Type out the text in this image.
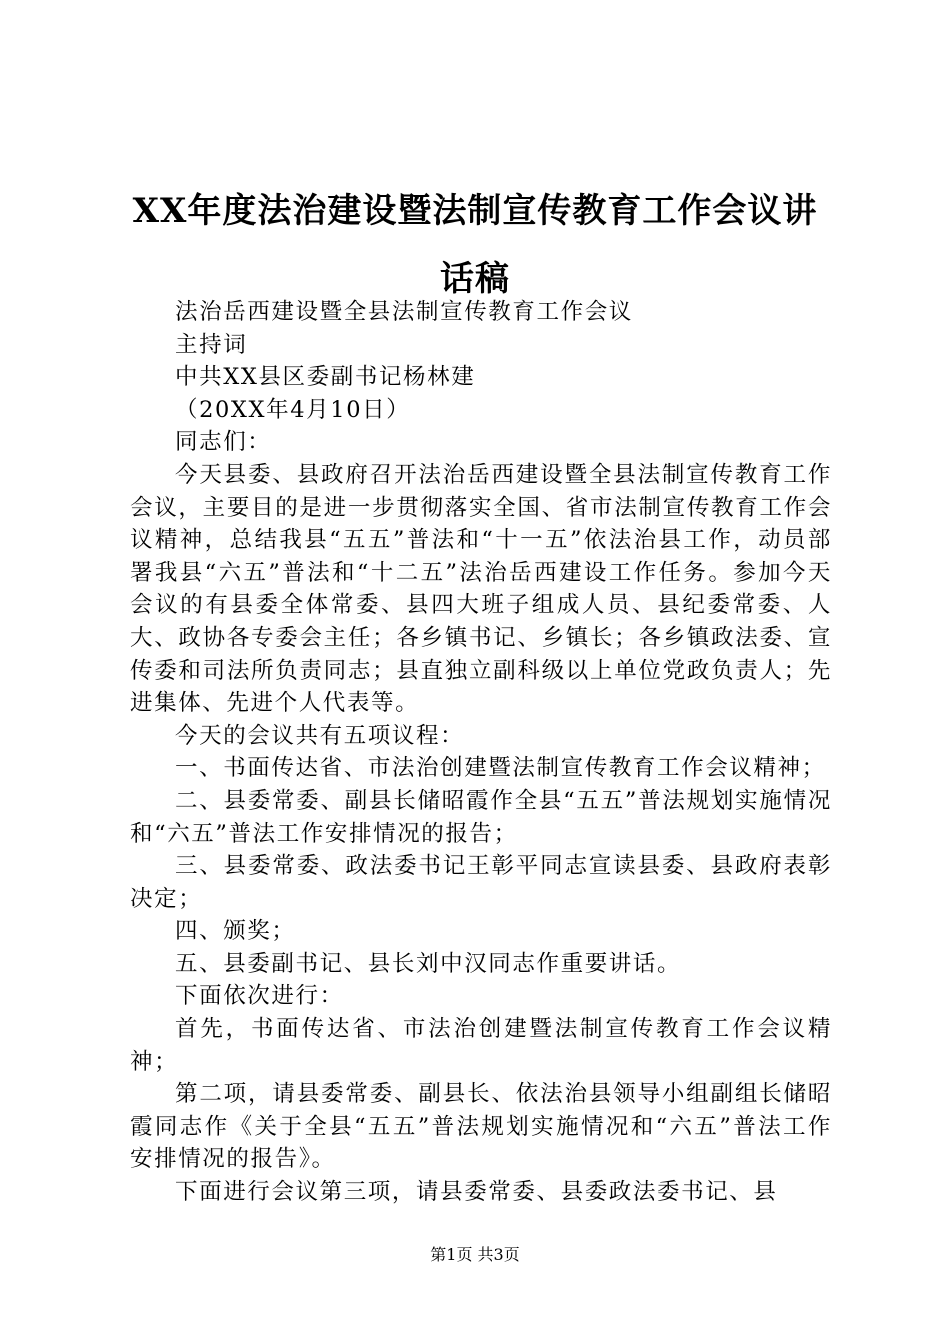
XX年度法治建设暨法制宣传教育工作会议讲
话稿

法治岳西建设暨全县法制宣传教育工作会议

主持词

中共XX县区委副书记杨林建

（20XX年4月10日）

同志们：

今天县委、县政府召开法治岳西建设暨全县法制宣传教育工作会议，主要目的是进一步贯彻落实全国、省市法制宣传教育工作会议精神，总结我县“五五”普法和“十一五”依法治县工作，动员部署我县“六五”普法和“十二五”法治岳西建设工作任务。参加今天会议的有县委全体常委、县四大班子组成人员、县纪委常委、人大、政协各专委会主任；各乡镇书记、乡镇长；各乡镇政法委、宣传委和司法所负责同志；县直独立副科级以上单位党政负责人；先进集体、先进个人代表等。

今天的会议共有五项议程：

一、书面传达省、市法治创建暨法制宣传教育工作会议精神；

二、县委常委、副县长储昭霞作全县“五五”普法规划实施情况和“六五”普法工作安排情况的报告；

三、县委常委、政法委书记王彰平同志宣读县委、县政府表彰决定；

四、颁奖；

五、县委副书记、县长刘中汉同志作重要讲话。

下面依次进行：

首先，书面传达省、市法治创建暨法制宣传教育工作会议精神；

第二项，请县委常委、副县长、依法治县领导小组副组长储昭霞同志作《关于全县“五五”普法规划实施情况和“六五”普法工作安排情况的报告》。

下面进行会议第三项，请县委常委、县委政法委书记、县

第1页 共3页
